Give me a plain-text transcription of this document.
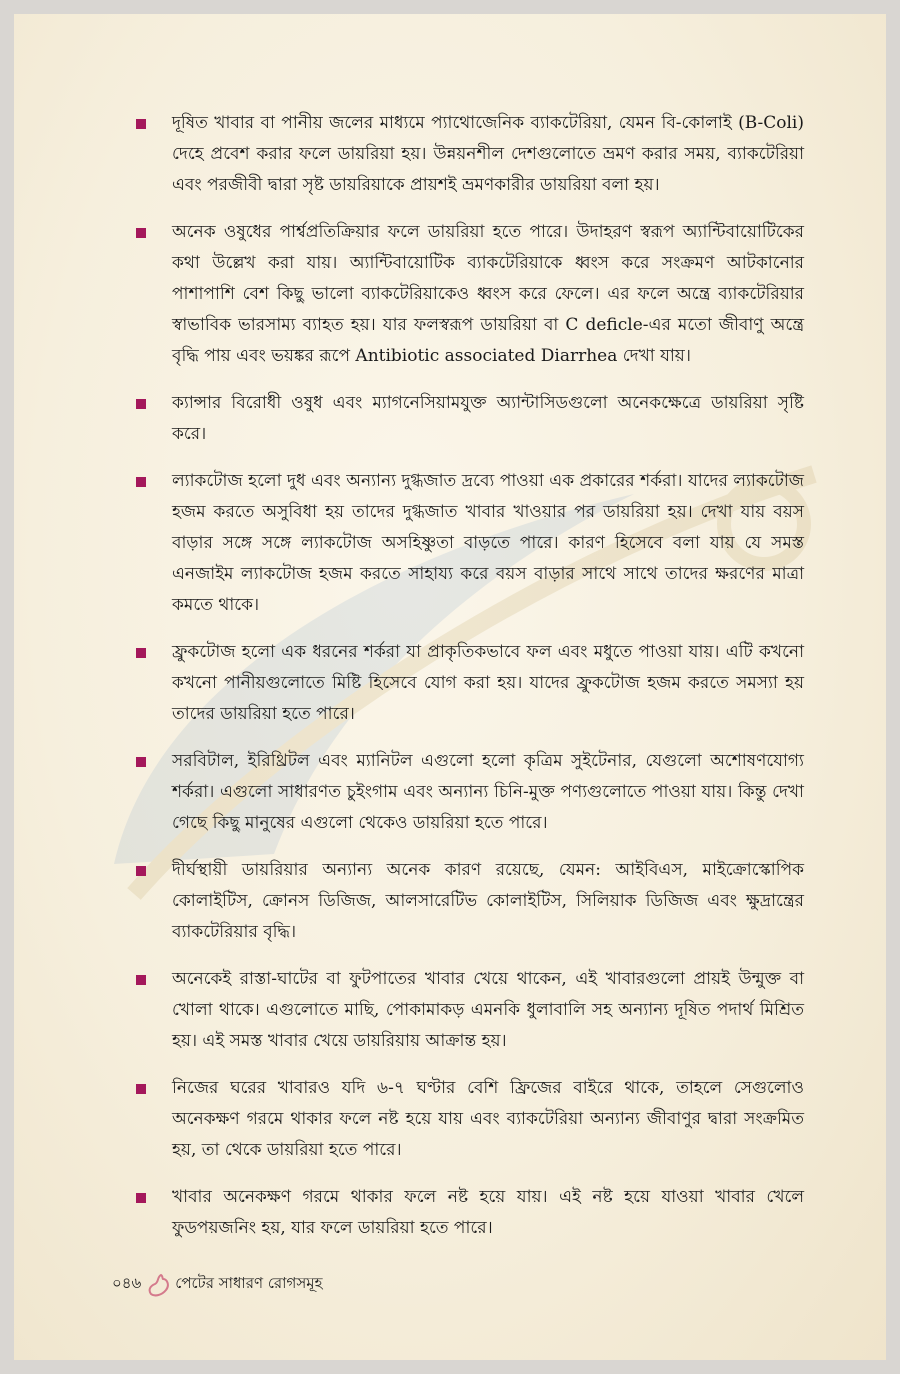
দূষিত খাবার বা পানীয় জলের মাধ্যমে প্যাথোজেনিক ব্যাকটেরিয়া, যেমন বি-কোলাই (B-Coli) দেহে প্রবেশ করার ফলে ডায়রিয়া হয়। উন্নয়নশীল দেশগুলোতে ভ্রমণ করার সময়, ব্যাকটেরিয়া এবং পরজীবী দ্বারা সৃষ্ট ডায়রিয়াকে প্রায়শই ভ্রমণকারীর ডায়রিয়া বলা হয়।
অনেক ওষুধের পার্শ্বপ্রতিক্রিয়ার ফলে ডায়রিয়া হতে পারে। উদাহরণ স্বরূপ অ্যান্টিবায়োটিকের কথা উল্লেখ করা যায়। অ্যান্টিবায়োটিক ব্যাকটেরিয়াকে ধ্বংস করে সংক্রমণ আটকানোর পাশাপাশি বেশ কিছু ভালো ব্যাকটেরিয়াকেও ধ্বংস করে ফেলে। এর ফলে অন্ত্রে ব্যাকটেরিয়ার স্বাভাবিক ভারসাম্য ব্যাহত হয়। যার ফলস্বরূপ ডায়রিয়া বা C deficle-এর মতো জীবাণু অন্ত্রে বৃদ্ধি পায় এবং ভয়ঙ্কর রূপে Antibiotic associated Diarrhea দেখা যায়।
ক্যান্সার বিরোধী ওষুধ এবং ম্যাগনেসিয়ামযুক্ত অ্যান্টাসিডগুলো অনেকক্ষেত্রে ডায়রিয়া সৃষ্টি করে।
ল্যাকটোজ হলো দুধ এবং অন্যান্য দুগ্ধজাত দ্রব্যে পাওয়া এক প্রকারের শর্করা। যাদের ল্যাকটোজ হজম করতে অসুবিধা হয় তাদের দুগ্ধজাত খাবার খাওয়ার পর ডায়রিয়া হয়। দেখা যায় বয়স বাড়ার সঙ্গে সঙ্গে ল্যাকটোজ অসহিষ্ণুতা বাড়তে পারে। কারণ হিসেবে বলা যায় যে সমস্ত এনজাইম ল্যাকটোজ হজম করতে সাহায্য করে বয়স বাড়ার সাথে সাথে তাদের ক্ষরণের মাত্রা কমতে থাকে।
ফ্রুকটোজ হলো এক ধরনের শর্করা যা প্রাকৃতিকভাবে ফল এবং মধুতে পাওয়া যায়। এটি কখনো কখনো পানীয়গুলোতে মিষ্টি হিসেবে যোগ করা হয়। যাদের ফ্রুকটোজ হজম করতে সমস্যা হয় তাদের ডায়রিয়া হতে পারে।
সরবিটাল, ইরিথ্রিটল এবং ম্যানিটল এগুলো হলো কৃত্রিম সুইটেনার, যেগুলো অশোষণযোগ্য শর্করা। এগুলো সাধারণত চুইংগাম এবং অন্যান্য চিনি-মুক্ত পণ্যগুলোতে পাওয়া যায়। কিন্তু দেখা গেছে কিছু মানুষের এগুলো থেকেও ডায়রিয়া হতে পারে।
দীর্ঘস্থায়ী ডায়রিয়ার অন্যান্য অনেক কারণ রয়েছে, যেমন: আইবিএস, মাইক্রোস্কোপিক কোলাইটিস, ক্রোনস ডিজিজ, আলসারেটিভ কোলাইটিস, সিলিয়াক ডিজিজ এবং ক্ষুদ্রান্ত্রের ব্যাকটেরিয়ার বৃদ্ধি।
অনেকেই রাস্তা-ঘাটের বা ফুটপাতের খাবার খেয়ে থাকেন, এই খাবারগুলো প্রায়ই উন্মুক্ত বা খোলা থাকে। এগুলোতে মাছি, পোকামাকড় এমনকি ধুলাবালি সহ অন্যান্য দূষিত পদার্থ মিশ্রিত হয়। এই সমস্ত খাবার খেয়ে ডায়রিয়ায় আক্রান্ত হয়।
নিজের ঘরের খাবারও যদি ৬-৭ ঘণ্টার বেশি ফ্রিজের বাইরে থাকে, তাহলে সেগুলোও অনেকক্ষণ গরমে থাকার ফলে নষ্ট হয়ে যায় এবং ব্যাকটেরিয়া অন্যান্য জীবাণুর দ্বারা সংক্রমিত হয়, তা থেকে ডায়রিয়া হতে পারে।
খাবার অনেকক্ষণ গরমে থাকার ফলে নষ্ট হয়ে যায়। এই নষ্ট হয়ে যাওয়া খাবার খেলে ফুডপয়জনিং হয়, যার ফলে ডায়রিয়া হতে পারে।
০৪৬ পেটের সাধারণ রোগসমূহ
